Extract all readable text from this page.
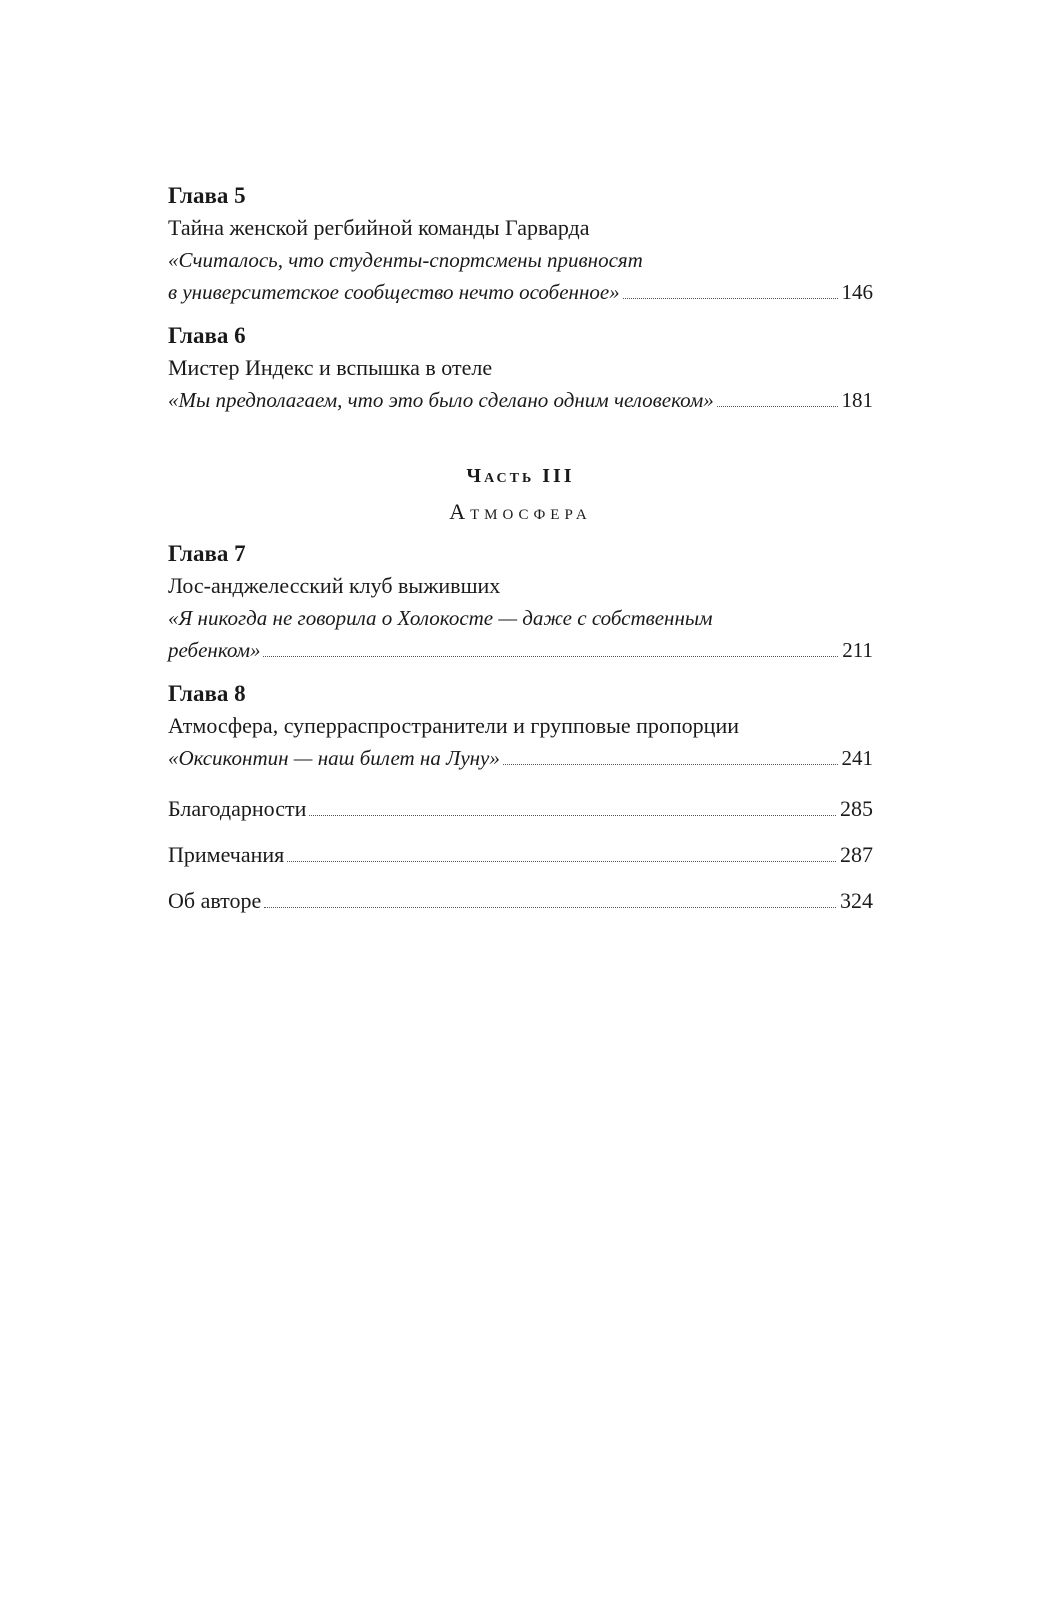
Глава 5
Тайна женской регбийной команды Гарварда
«Считалось, что студенты-спортсмены привносят
в университетское сообщество нечто особенное»	146
Глава 6
Мистер Индекс и вспышка в отеле
«Мы предполагаем, что это было сделано одним человеком»	181
Часть III
Атмосфера
Глава 7
Лос-анджелесский клуб выживших
«Я никогда не говорила о Холокосте — даже с собственным
ребенком»	211
Глава 8
Атмосфера, суперраспространители и групповые пропорции
«Оксиконтин — наш билет на Луну»	241
Благодарности	285
Примечания	287
Об авторе	324
